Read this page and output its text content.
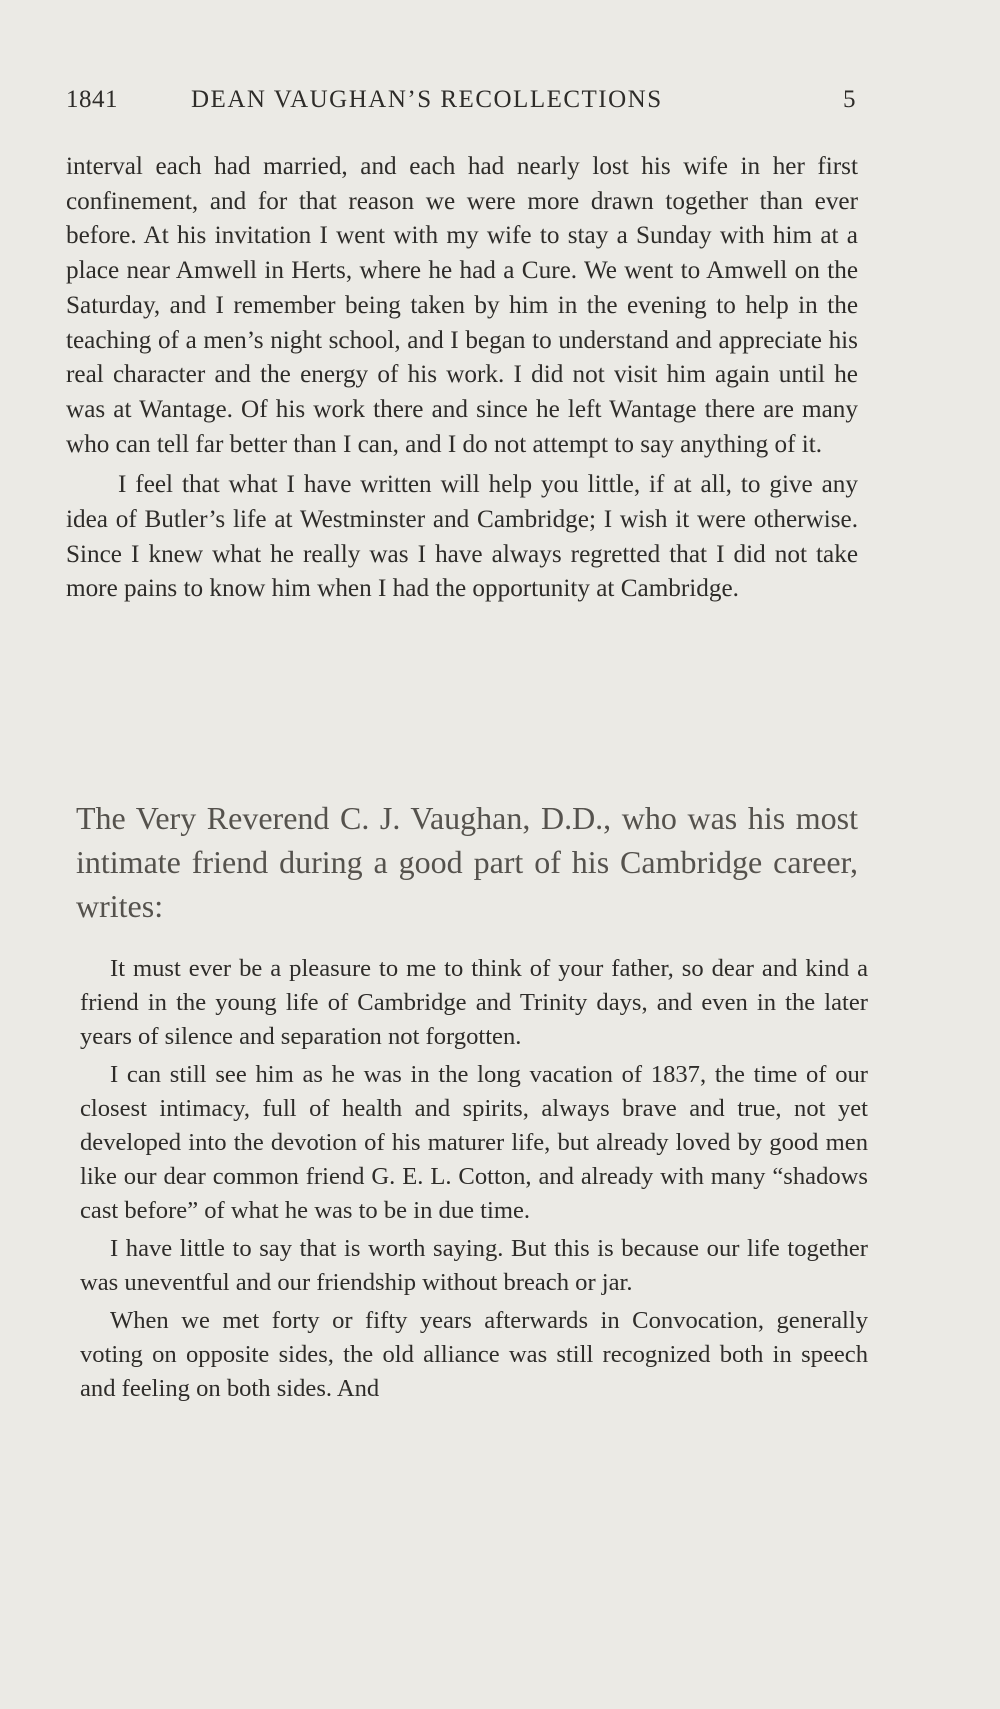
1841	DEAN VAUGHAN’S RECOLLECTIONS	5

interval each had married, and each had nearly lost his wife in her first confinement, and for that reason we were more drawn together than ever before. At his invitation I went with my wife to stay a Sunday with him at a place near Amwell in Herts, where he had a Cure. We went to Amwell on the Saturday, and I remember being taken by him in the evening to help in the teaching of a men’s night school, and I began to understand and appreciate his real character and the energy of his work. I did not visit him again until he was at Wantage. Of his work there and since he left Wantage there are many who can tell far better than I can, and I do not attempt to say anything of it.

I feel that what I have written will help you little, if at all, to give any idea of Butler’s life at Westminster and Cambridge; I wish it were otherwise. Since I knew what he really was I have always regretted that I did not take more pains to know him when I had the opportunity at Cambridge.

The Very Reverend C. J. Vaughan, D.D., who was his most intimate friend during a good part of his Cambridge career, writes:

It must ever be a pleasure to me to think of your father, so dear and kind a friend in the young life of Cambridge and Trinity days, and even in the later years of silence and separation not forgotten.

I can still see him as he was in the long vacation of 1837, the time of our closest intimacy, full of health and spirits, always brave and true, not yet developed into the devotion of his maturer life, but already loved by good men like our dear common friend G. E. L. Cotton, and already with many “shadows cast before” of what he was to be in due time.

I have little to say that is worth saying. But this is because our life together was uneventful and our friendship without breach or jar.

When we met forty or fifty years afterwards in Convocation, generally voting on opposite sides, the old alliance was still recognized both in speech and feeling on both sides. And
